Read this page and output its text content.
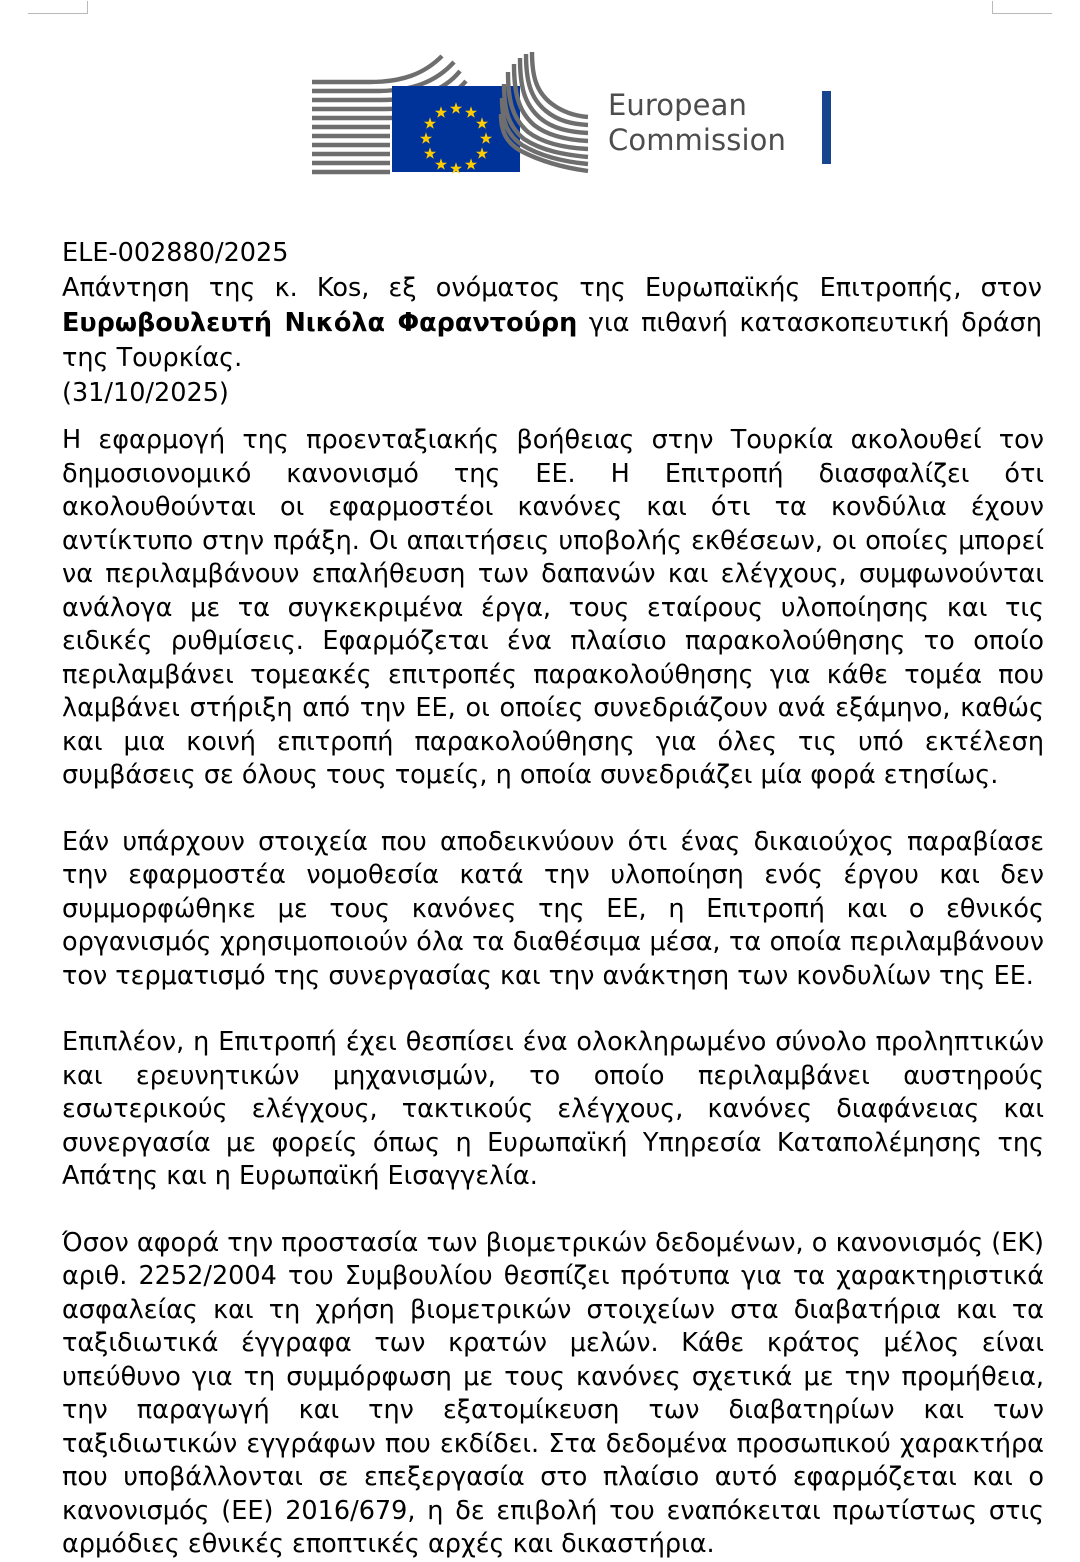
European
Commission
ELE-002880/2025
Απάντηση της κ. Kos, εξ ονόματος της Ευρωπαϊκής Επιτροπής, στον Ευρωβουλευτή Νικόλα Φαραντούρη για πιθανή κατασκοπευτική δράση της Τουρκίας.
(31/10/2025)

Η εφαρμογή της προενταξιακής βοήθειας στην Τουρκία ακολουθεί τον δημοσιονομικό κανονισμό της ΕΕ. Η Επιτροπή διασφαλίζει ότι ακολουθούνται οι εφαρμοστέοι κανόνες και ότι τα κονδύλια έχουν αντίκτυπο στην πράξη. Οι απαιτήσεις υποβολής εκθέσεων, οι οποίες μπορεί να περιλαμβάνουν επαλήθευση των δαπανών και ελέγχους, συμφωνούνται ανάλογα με τα συγκεκριμένα έργα, τους εταίρους υλοποίησης και τις ειδικές ρυθμίσεις. Εφαρμόζεται ένα πλαίσιο παρακολούθησης το οποίο περιλαμβάνει τομεακές επιτροπές παρακολούθησης για κάθε τομέα που λαμβάνει στήριξη από την ΕΕ, οι οποίες συνεδριάζουν ανά εξάμηνο, καθώς και μια κοινή επιτροπή παρακολούθησης για όλες τις υπό εκτέλεση συμβάσεις σε όλους τους τομείς, η οποία συνεδριάζει μία φορά ετησίως.

Εάν υπάρχουν στοιχεία που αποδεικνύουν ότι ένας δικαιούχος παραβίασε την εφαρμοστέα νομοθεσία κατά την υλοποίηση ενός έργου και δεν συμμορφώθηκε με τους κανόνες της ΕΕ, η Επιτροπή και ο εθνικός οργανισμός χρησιμοποιούν όλα τα διαθέσιμα μέσα, τα οποία περιλαμβάνουν τον τερματισμό της συνεργασίας και την ανάκτηση των κονδυλίων της ΕΕ.

Επιπλέον, η Επιτροπή έχει θεσπίσει ένα ολοκληρωμένο σύνολο προληπτικών και ερευνητικών μηχανισμών, το οποίο περιλαμβάνει αυστηρούς εσωτερικούς ελέγχους, τακτικούς ελέγχους, κανόνες διαφάνειας και συνεργασία με φορείς όπως η Ευρωπαϊκή Υπηρεσία Καταπολέμησης της Απάτης και η Ευρωπαϊκή Εισαγγελία.

Όσον αφορά την προστασία των βιομετρικών δεδομένων, ο κανονισμός (ΕΚ) αριθ. 2252/2004 του Συμβουλίου θεσπίζει πρότυπα για τα χαρακτηριστικά ασφαλείας και τη χρήση βιομετρικών στοιχείων στα διαβατήρια και τα ταξιδιωτικά έγγραφα των κρατών μελών. Κάθε κράτος μέλος είναι υπεύθυνο για τη συμμόρφωση με τους κανόνες σχετικά με την προμήθεια, την παραγωγή και την εξατομίκευση των διαβατηρίων και των ταξιδιωτικών εγγράφων που εκδίδει. Στα δεδομένα προσωπικού χαρακτήρα που υποβάλλονται σε επεξεργασία στο πλαίσιο αυτό εφαρμόζεται και ο κανονισμός (ΕΕ) 2016/679, η δε επιβολή του εναπόκειται πρωτίστως στις αρμόδιες εθνικές εποπτικές αρχές και δικαστήρια.
